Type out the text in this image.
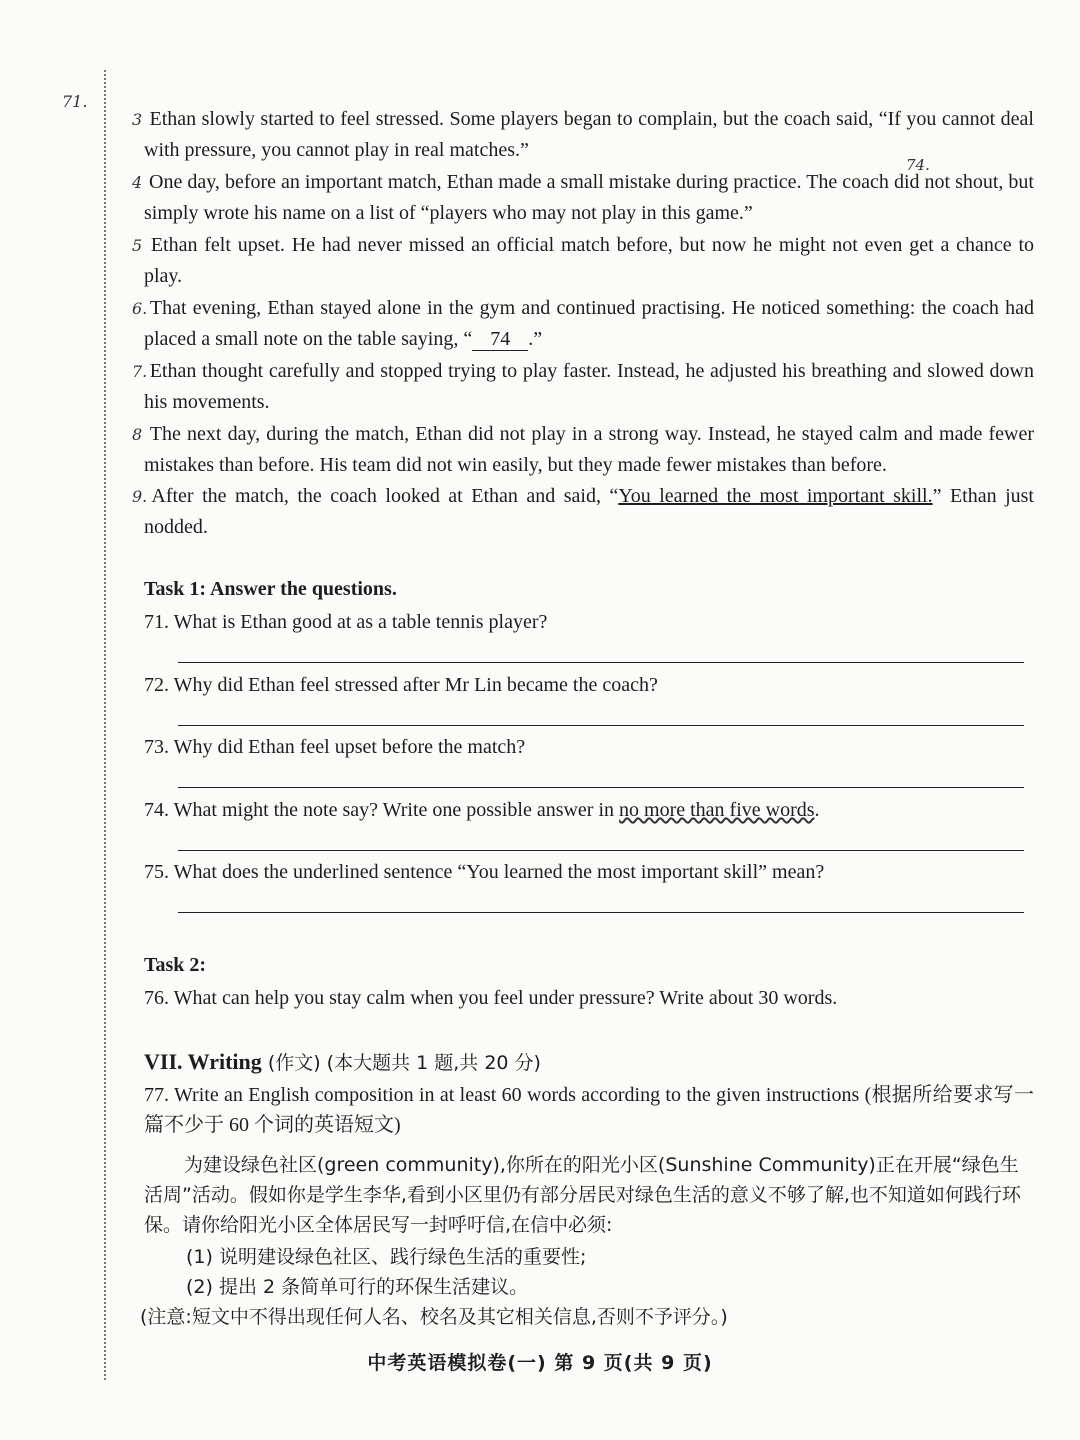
71.
74.
3 Ethan slowly started to feel stressed. Some players began to complain, but the coach said, “If you cannot deal with pressure, you cannot play in real matches.”
4 One day, before an important match, Ethan made a small mistake during practice. The coach did not shout, but simply wrote his name on a list of “players who may not play in this game.”
5 Ethan felt upset. He had never missed an official match before, but now he might not even get a chance to play.
6. That evening, Ethan stayed alone in the gym and continued practising. He noticed something: the coach had placed a small note on the table saying, “ 74 .”
7. Ethan thought carefully and stopped trying to play faster. Instead, he adjusted his breathing and slowed down his movements.
8 The next day, during the match, Ethan did not play in a strong way. Instead, he stayed calm and made fewer mistakes than before. His team did not win easily, but they made fewer mistakes than before.
9. After the match, the coach looked at Ethan and said, “You learned the most important skill.” Ethan just nodded.
Task 1: Answer the questions.
71. What is Ethan good at as a table tennis player?
72. Why did Ethan feel stressed after Mr Lin became the coach?
73. Why did Ethan feel upset before the match?
74. What might the note say? Write one possible answer in no more than five words.
75. What does the underlined sentence “You learned the most important skill” mean?
Task 2:
76. What can help you stay calm when you feel under pressure? Write about 30 words.
VII. Writing (作文) (本大题共 1 题,共 20 分)
77. Write an English composition in at least 60 words according to the given instructions (根据所给要求写一篇不少于 60 个词的英语短文)
为建设绿色社区(green community),你所在的阳光小区(Sunshine Community)正在开展“绿色生活周”活动。假如你是学生李华,看到小区里仍有部分居民对绿色生活的意义不够了解,也不知道如何践行环保。请你给阳光小区全体居民写一封呼吁信,在信中必须:
(1) 说明建设绿色社区、践行绿色生活的重要性;
(2) 提出 2 条简单可行的环保生活建议。
(注意:短文中不得出现任何人名、校名及其它相关信息,否则不予评分。)
中考英语模拟卷(一) 第 9 页(共 9 页)
